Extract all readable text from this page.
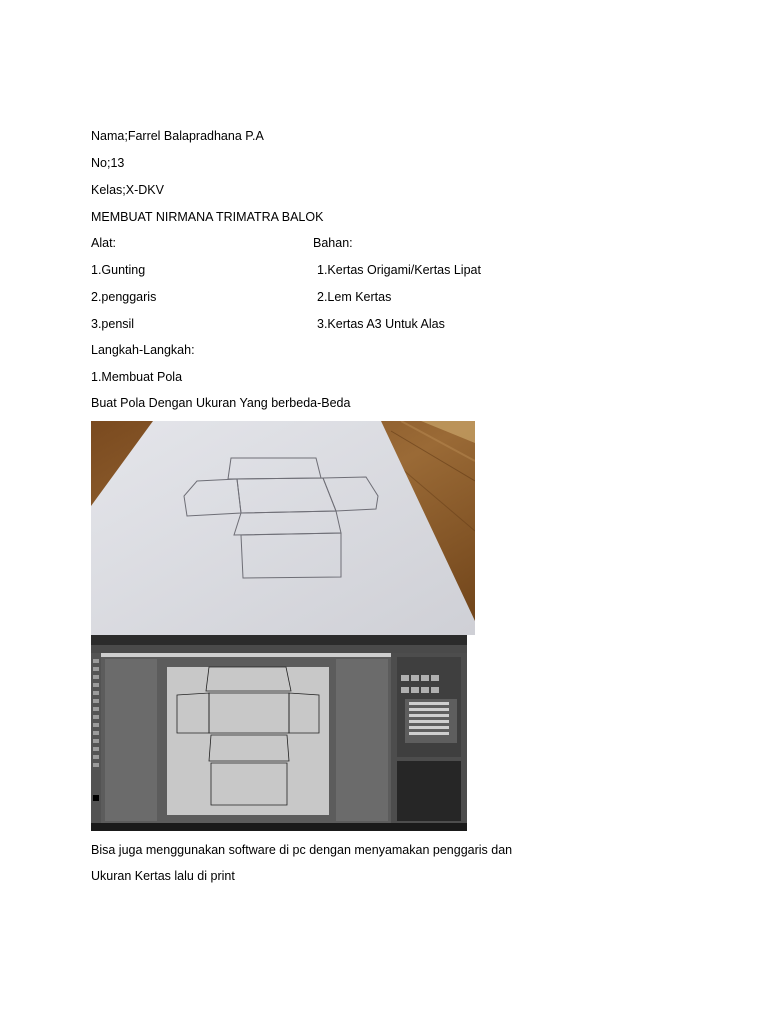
Nama;Farrel Balapradhana P.A
No;13
Kelas;X-DKV
MEMBUAT NIRMANA TRIMATRA BALOK
Alat:	Bahan:
1.Gunting	1.Kertas Origami/Kertas Lipat
2.penggaris	2.Lem Kertas
3.pensil	3.Kertas A3 Untuk Alas
Langkah-Langkah:
1.Membuat Pola
Buat Pola Dengan Ukuran Yang berbeda-Beda
Bisa juga menggunakan software di pc dengan menyamakan penggaris dan
Ukuran Kertas lalu di print
